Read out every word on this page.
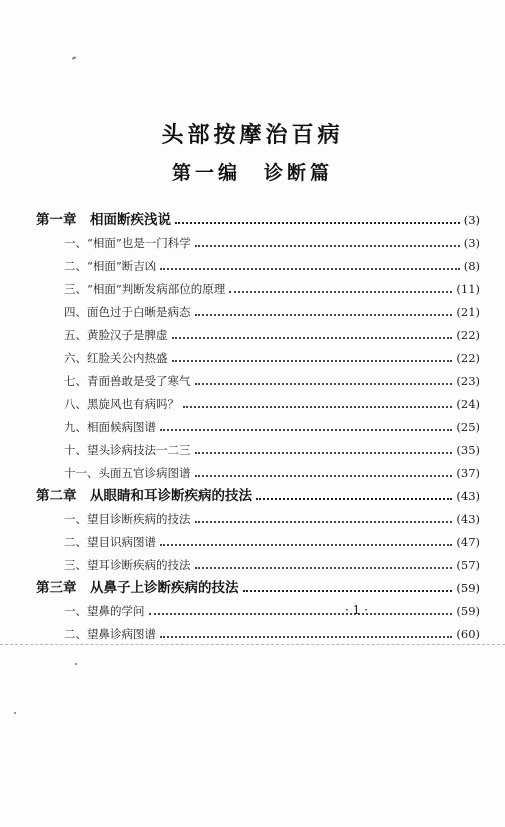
头部按摩治百病
第一编　诊断篇
第一章　相面断疾浅说	(3)
一、“相面”也是一门科学	(3)
二、“相面”断吉凶	(8)
三、“相面”判断发病部位的原理	(11)
四、面色过于白晰是病态	(21)
五、黄脸汉子是脾虚	(22)
六、红脸关公内热盛	(22)
七、青面兽敢是受了寒气	(23)
八、黑旋风也有病吗？	(24)
九、相面候病图谱	(25)
十、望头诊病技法一二三	(35)
十一、头面五官诊病图谱	(37)
第二章　从眼睛和耳诊断疾病的技法	(43)
一、望目诊断疾病的技法	(43)
二、望目识病图谱	(47)
三、望耳诊断疾病的技法	(57)
第三章　从鼻子上诊断疾病的技法	(59)
一、望鼻的学问	(59)
二、望鼻诊病图谱	(60)
· 1 ·
